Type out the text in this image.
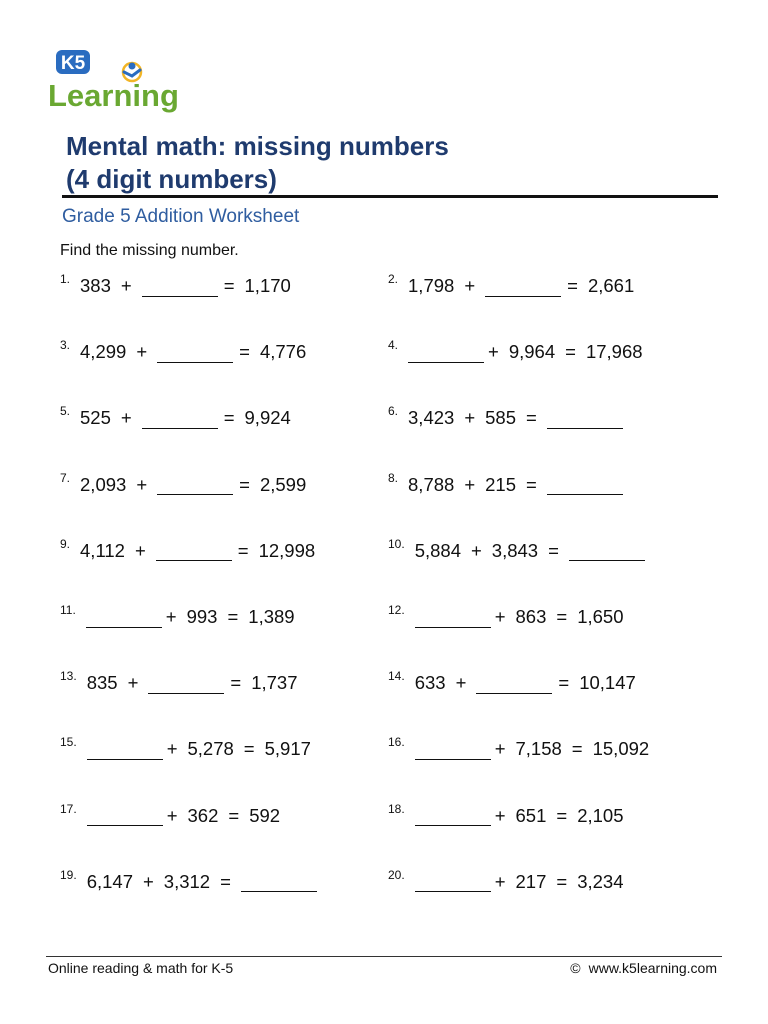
K5
Learning
Mental math: missing numbers
(4 digit numbers)
Grade 5 Addition Worksheet
Find the missing number.
1. 383 +	= 1,170	2. 1,798 +	= 2,661
3. 4,299 +	= 4,776	4.	+ 9,964 = 17,968
5. 525 +	= 9,924	6. 3,423 + 585 =
7. 2,093 +	= 2,599	8. 8,788 + 215 =
9. 4,112 +	= 12,998	10. 5,884 + 3,843 =
11.	+ 993 = 1,389	12.	+ 863 = 1,650
13. 835 +	= 1,737	14. 633 +	= 10,147
15.	+ 5,278 = 5,917	16.	+ 7,158 = 15,092
17.	+ 362 = 592	18.	+ 651 = 2,105
19. 6,147 + 3,312 =	20.	+ 217 = 3,234
Online reading & math for K-5	© www.k5learning.com
